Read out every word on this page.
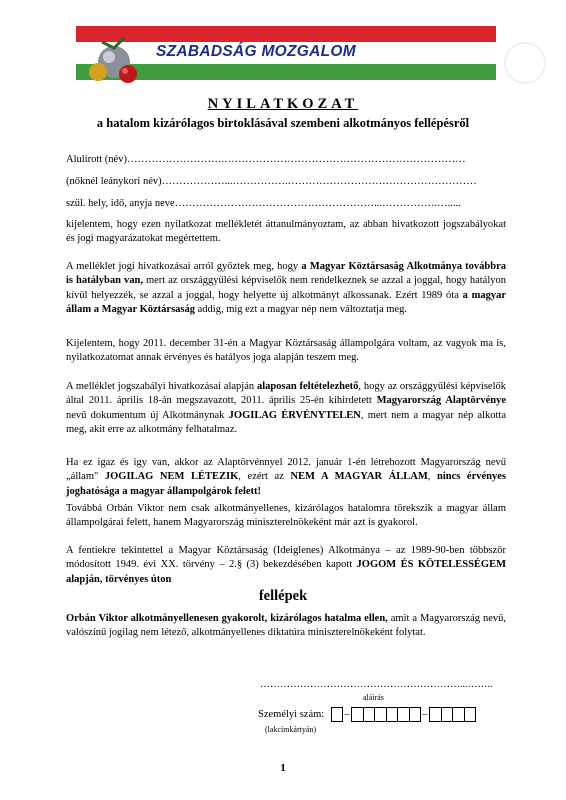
SZABADSÁG MOZGALOM
NYILATKOZAT
a hatalom kizárólagos birtoklásával szembeni alkotmányos fellépésről
Alulírott (név)……………………….……………………………………………………………
(nőknél leánykori név)………………...…………….………………………………………………
szül. hely, idő, anyja neve…………………………………………………...…………….….....
kijelentem, hogy ezen nyilatkozat mellékletét áttanulmányoztam, az abban hivatkozott jogszabályokat és jogi magyarázatokat megértettem.
A melléklet jogi hivatkozásai arról győztek meg, hogy a Magyar Köztársaság Alkotmánya továbbra is hatályban van, mert az országgyűlési képviselők nem rendelkeznek se azzal a joggal, hogy hatályon kívül helyezzék, se azzal a joggal, hogy helyette új alkotmányt alkossanak. Ezért 1989 óta a magyar állam a Magyar Köztársaság addig, míg ezt a magyar nép nem változtatja meg.
Kijelentem, hogy 2011. december 31-én a Magyar Köztársaság állampolgára voltam, az vagyok ma is, nyilatkozatomat annak érvényes és hatályos joga alapján teszem meg.
A melléklet jogszabályi hivatkozásai alapján alaposan feltételezhető, hogy az országgyűlési képviselők által 2011. április 18-án megszavazott, 2011. április 25-én kihirdetett Magyarország Alaptörvénye nevű dokumentum új Alkotmánynak JOGILAG ÉRVÉNYTELEN, mert nem a magyar nép alkotta meg, akit erre az alkotmány felhatalmaz.
Ha ez igaz és így van, akkor az Alaptörvénnyel 2012. január 1-én létrehozott Magyarország nevű „állam" JOGILAG NEM LÉTEZIK, ezért az NEM A MAGYAR ÁLLAM, nincs érvényes joghatósága a magyar állampolgárok felett!
Továbbá Orbán Viktor nem csak alkotmányellenes, kizárólagos hatalomra törekszik a magyar állam állampolgárai felett, hanem Magyarország miniszterelnökeként már azt is gyakorol.
A fentiekre tekintettel a Magyar Köztársaság (Ideiglenes) Alkotmánya – az 1989-90-ben többször módosított 1949. évi XX. törvény – 2.§ (3) bekezdésében kapott JOGOM ÉS KÖTELESSÉGEM alapján, törvényes úton
fellépek
Orbán Viktor alkotmányellenesen gyakorolt, kizárólagos hatalma ellen, amit a Magyarország nevű, valószínű jogilag nem létező, alkotmányellenes diktatúra miniszterelnökeként folytat.
……………………………………………………...……..
aláírás
Személyi szám: –	–
(lakcímkártyán)
1
